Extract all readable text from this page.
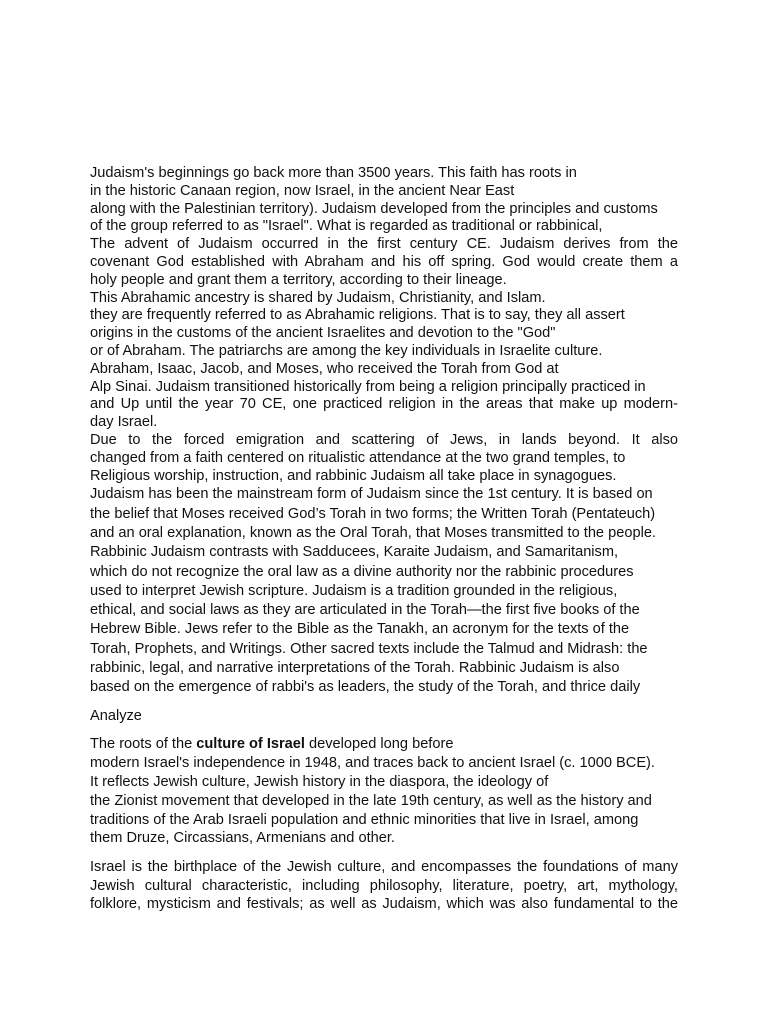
Judaism's beginnings go back more than 3500 years. This faith has roots in
in the historic Canaan region, now Israel, in the ancient Near East
along with the Palestinian territory). Judaism developed from the principles and customs
of the group referred to as "Israel". What is regarded as traditional or rabbinical,
The advent of Judaism occurred in the first century CE. Judaism derives from the
covenant God established with Abraham and his off spring. God would create them a
holy people and grant them a territory, according to their lineage.
This Abrahamic ancestry is shared by Judaism, Christianity, and Islam.
they are frequently referred to as Abrahamic religions. That is to say, they all assert
origins in the customs of the ancient Israelites and devotion to the "God"
or of Abraham. The patriarchs are among the key individuals in Israelite culture.
Abraham, Isaac, Jacob, and Moses, who received the Torah from God at
Alp Sinai. Judaism transitioned historically from being a religion principally practiced in
and Up until the year 70 CE, one practiced religion in the areas that make up modern-
day Israel.
Due to the forced emigration and scattering of Jews, in lands beyond. It also
changed from a faith centered on ritualistic attendance at the two grand temples, to
Religious worship, instruction, and rabbinic Judaism all take place in synagogues.
Judaism has been the mainstream form of Judaism since the 1st century. It is based on
the belief that Moses received God’s Torah in two forms; the Written Torah (Pentateuch)
and an oral explanation, known as the Oral Torah, that Moses transmitted to the people.
Rabbinic Judaism contrasts with Sadducees, Karaite Judaism, and Samaritanism,
which do not recognize the oral law as a divine authority nor the rabbinic procedures
used to interpret Jewish scripture. Judaism is a tradition grounded in the religious,
ethical, and social laws as they are articulated in the Torah—the first five books of the
Hebrew Bible. Jews refer to the Bible as the Tanakh, an acronym for the texts of the
Torah, Prophets, and Writings. Other sacred texts include the Talmud and Midrash: the
rabbinic, legal, and narrative interpretations of the Torah. Rabbinic Judaism is also
based on the emergence of rabbi's as leaders, the study of the Torah, and thrice daily
Analyze
The roots of the culture of Israel developed long before
modern Israel's independence in 1948, and traces back to ancient Israel (c. 1000 BCE).
It reflects Jewish culture, Jewish history in the diaspora, the ideology of
the Zionist movement that developed in the late 19th century, as well as the history and
traditions of the Arab Israeli population and ethnic minorities that live in Israel, among
them Druze, Circassians, Armenians and other.
Israel is the birthplace of the Jewish culture, and encompasses the foundations of many
Jewish cultural characteristic, including philosophy, literature, poetry, art, mythology,
folklore, mysticism and festivals; as well as Judaism, which was also fundamental to the
